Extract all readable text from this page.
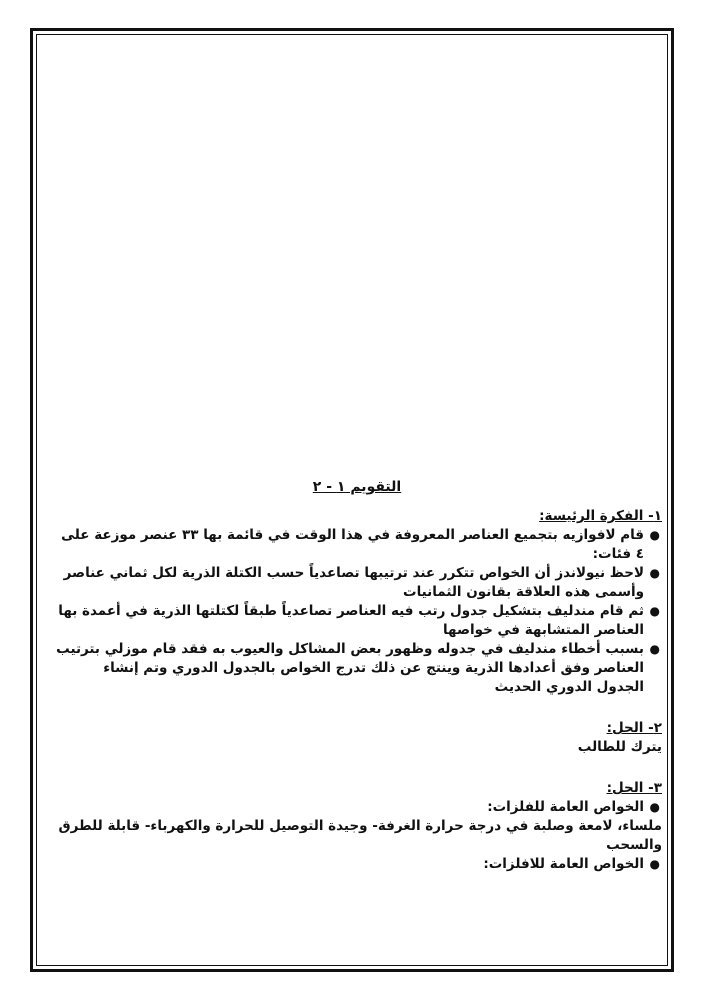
التقويم ١ - ٢
١- الفكرة الرئيسة:
●
قام لافوازيه بتجميع العناصر المعروفة في هذا الوقت في قائمة بها ٣٣ عنصر موزعة على ٤ فئات:
●
لاحظ نيولاندز أن الخواص تتكرر عند ترتيبها تصاعدياً حسب الكتلة الذرية لكل ثماني عناصر وأسمى هذه العلاقة بقانون الثمانيات
●
ثم قام مندليف بتشكيل جدول رتب فيه العناصر تصاعدياً طبقاً لكتلتها الذرية في أعمدة بها العناصر المتشابهة في خواصها
●
بسبب أخطاء مندليف في جدوله وظهور بعض المشاكل والعيوب به فقد قام موزلي بترتيب العناصر وفق أعدادها الذرية وينتج عن ذلك تدرج الخواص بالجدول الدوري وتم إنشاء الجدول الدوري الحديث
٢- الحل:

يترك للطالب

٣- الحل:
●
الخواص العامة للفلزات:

ملساء، لامعة وصلبة في درجة حرارة الغرفة- وجيدة التوصيل للحرارة والكهرباء- قابلة للطرق والسحب

●
الخواص العامة للافلزات:
